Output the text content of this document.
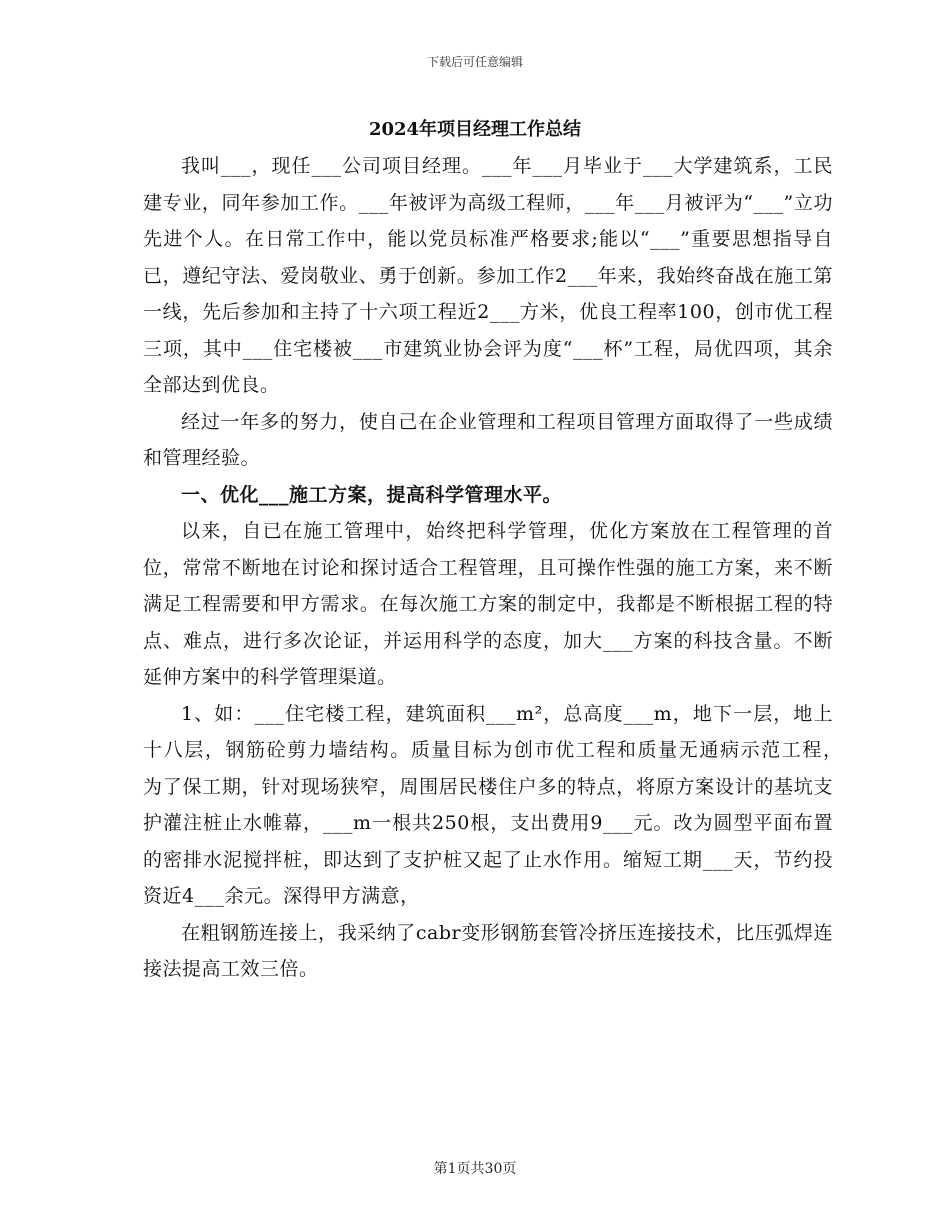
下载后可任意编辑
2024年项目经理工作总结

我叫___，现任___公司项目经理。___年___月毕业于___大学建筑系，工民建专业，同年参加工作。___年被评为高级工程师，___年___月被评为“___”立功先进个人。在日常工作中，能以党员标准严格要求;能以“___”重要思想指导自已，遵纪守法、爱岗敬业、勇于创新。参加工作2___年来，我始终奋战在施工第一线，先后参加和主持了十六项工程近2___方米，优良工程率100，创市优工程三项，其中___住宅楼被___市建筑业协会评为度“___杯”工程，局优四项，其余全部达到优良。

经过一年多的努力，使自己在企业管理和工程项目管理方面取得了一些成绩和管理经验。

一、优化___施工方案，提高科学管理水平。

以来，自已在施工管理中，始终把科学管理，优化方案放在工程管理的首位，常常不断地在讨论和探讨适合工程管理，且可操作性强的施工方案，来不断满足工程需要和甲方需求。在每次施工方案的制定中，我都是不断根据工程的特点、难点，进行多次论证，并运用科学的态度，加大___方案的科技含量。不断延伸方案中的科学管理渠道。

1、如：___住宅楼工程，建筑面积___m²，总高度___m，地下一层，地上十八层，钢筋砼剪力墙结构。质量目标为创市优工程和质量无通病示范工程，　为了保工期，针对现场狭窄，周围居民楼住户多的特点，将原方案设计的基坑支护灌注桩止水帷幕，___m一根共250根，支出费用9___元。改为圆型平面布置的密排水泥搅拌桩，即达到了支护桩又起了止水作用。缩短工期___天，节约投资近4___余元。深得甲方满意，

在粗钢筋连接上，我采纳了cabr变形钢筋套管冷挤压连接技术，比压弧焊连接法提高工效三倍。

第1页共30页
